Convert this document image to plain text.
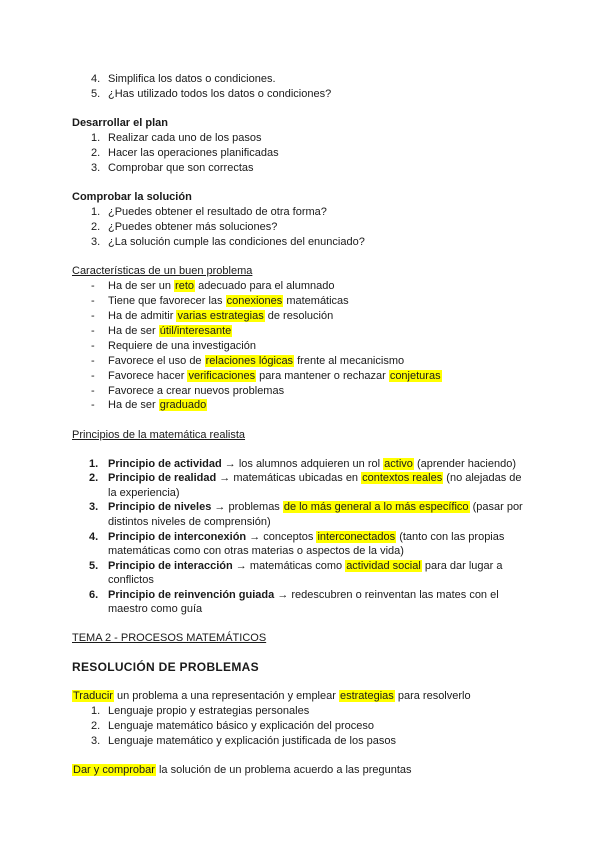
4. Simplifica los datos o condiciones.
5. ¿Has utilizado todos los datos o condiciones?
Desarrollar el plan
1. Realizar cada uno de los pasos
2. Hacer las operaciones planificadas
3. Comprobar que son correctas
Comprobar la solución
1. ¿Puedes obtener el resultado de otra forma?
2. ¿Puedes obtener más soluciones?
3. ¿La solución cumple las condiciones del enunciado?
Características de un buen problema
- Ha de ser un reto adecuado para el alumnado
- Tiene que favorecer las conexiones matemáticas
- Ha de admitir varias estrategias de resolución
- Ha de ser útil/interesante
- Requiere de una investigación
- Favorece el uso de relaciones lógicas frente al mecanicismo
- Favorece hacer verificaciones para mantener o rechazar conjeturas
- Favorece a crear nuevos problemas
- Ha de ser graduado
Principios de la matemática realista
1. Principio de actividad → los alumnos adquieren un rol activo (aprender haciendo)
2. Principio de realidad → matemáticas ubicadas en contextos reales (no alejadas de
la experiencia)
3. Principio de niveles → problemas de lo más general a lo más específico (pasar por
distintos niveles de comprensión)
4. Principio de interconexión → conceptos interconectados (tanto con las propias
matemáticas como con otras materias o aspectos de la vida)
5. Principio de interacción → matemáticas como actividad social para dar lugar a
conflictos
6. Principio de reinvención guiada → redescubren o reinventan las mates con el
maestro como guía
TEMA 2 - PROCESOS MATEMÁTICOS
RESOLUCIÓN DE PROBLEMAS
Traducir un problema a una representación y emplear estrategias para resolverlo
1. Lenguaje propio y estrategias personales
2. Lenguaje matemático básico y explicación del proceso
3. Lenguaje matemático y explicación justificada de los pasos
Dar y comprobar la solución de un problema acuerdo a las preguntas
